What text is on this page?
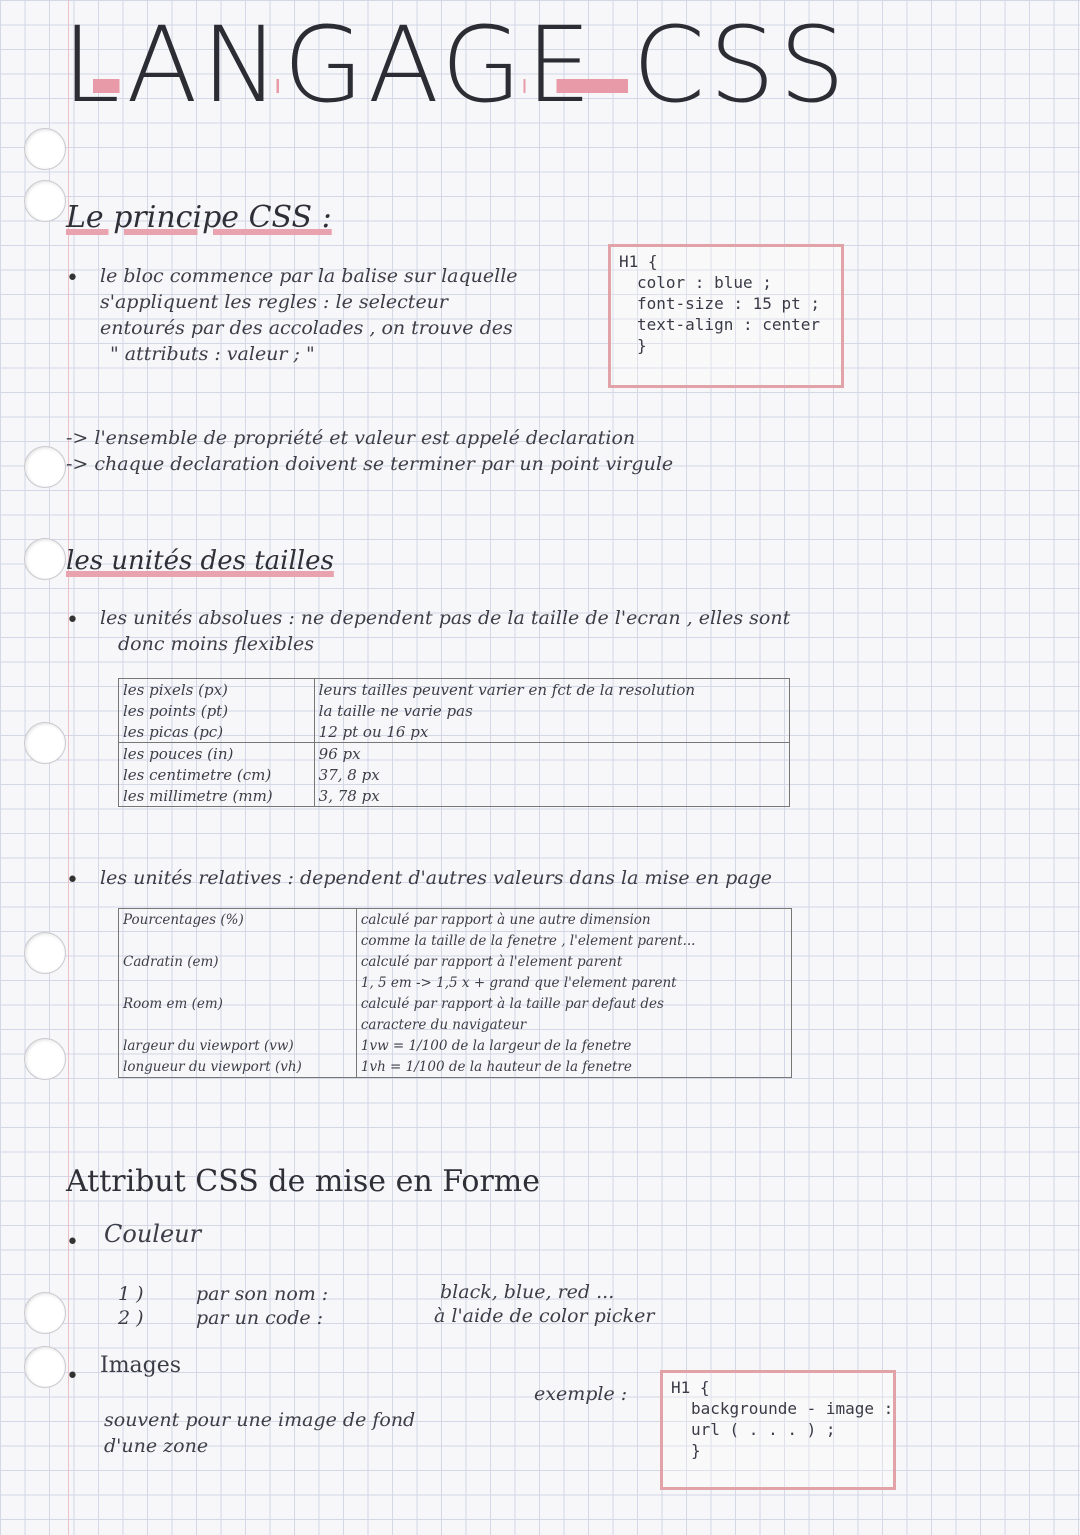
LANGAGE CSS
Le principe CSS :
• le bloc commence par la balise sur laquelle
s'appliquent les regles : le selecteur
entourés par des accolades , on trouve des
" attributs : valeur ; "
H1 {
color : blue ;
font-size : 15 pt ;
text-align : center
}
-> l'ensemble de propriété et valeur est appelé declaration
-> chaque declaration doivent se terminer par un point virgule
les unités des tailles
• les unités absolues : ne dependent pas de la taille de l'ecran , elles sont
donc moins flexibles
les pixels (px)	leurs tailles peuvent varier en fct de la resolution
les points (pt)	la taille ne varie pas
les picas (pc)	12 pt ou 16 px
les pouces (in)	96 px
les centimetre (cm)	37, 8 px
les millimetre (mm)	3, 78 px
• les unités relatives : dependent d'autres valeurs dans la mise en page
Pourcentages (%)	calculé par rapport à une autre dimension
	comme la taille de la fenetre , l'element parent...
Cadratin (em)	calculé par rapport à l'element parent
	1, 5 em -> 1,5 x + grand que l'element parent
Room em (em)	calculé par rapport à la taille par defaut des
	caractere du navigateur
largeur du viewport (vw)	1vw = 1/100 de la largeur de la fenetre
longueur du viewport (vh)	1vh = 1/100 de la hauteur de la fenetre
Attribut CSS de mise en Forme
• Couleur
1 )	par son nom :	black, blue, red ...
2 )	par un code :	à l'aide de color picker
• Images
souvent pour une image de fond
d'une zone
exemple :	H1 {
backgrounde - image :
url ( . . . ) ;
}
